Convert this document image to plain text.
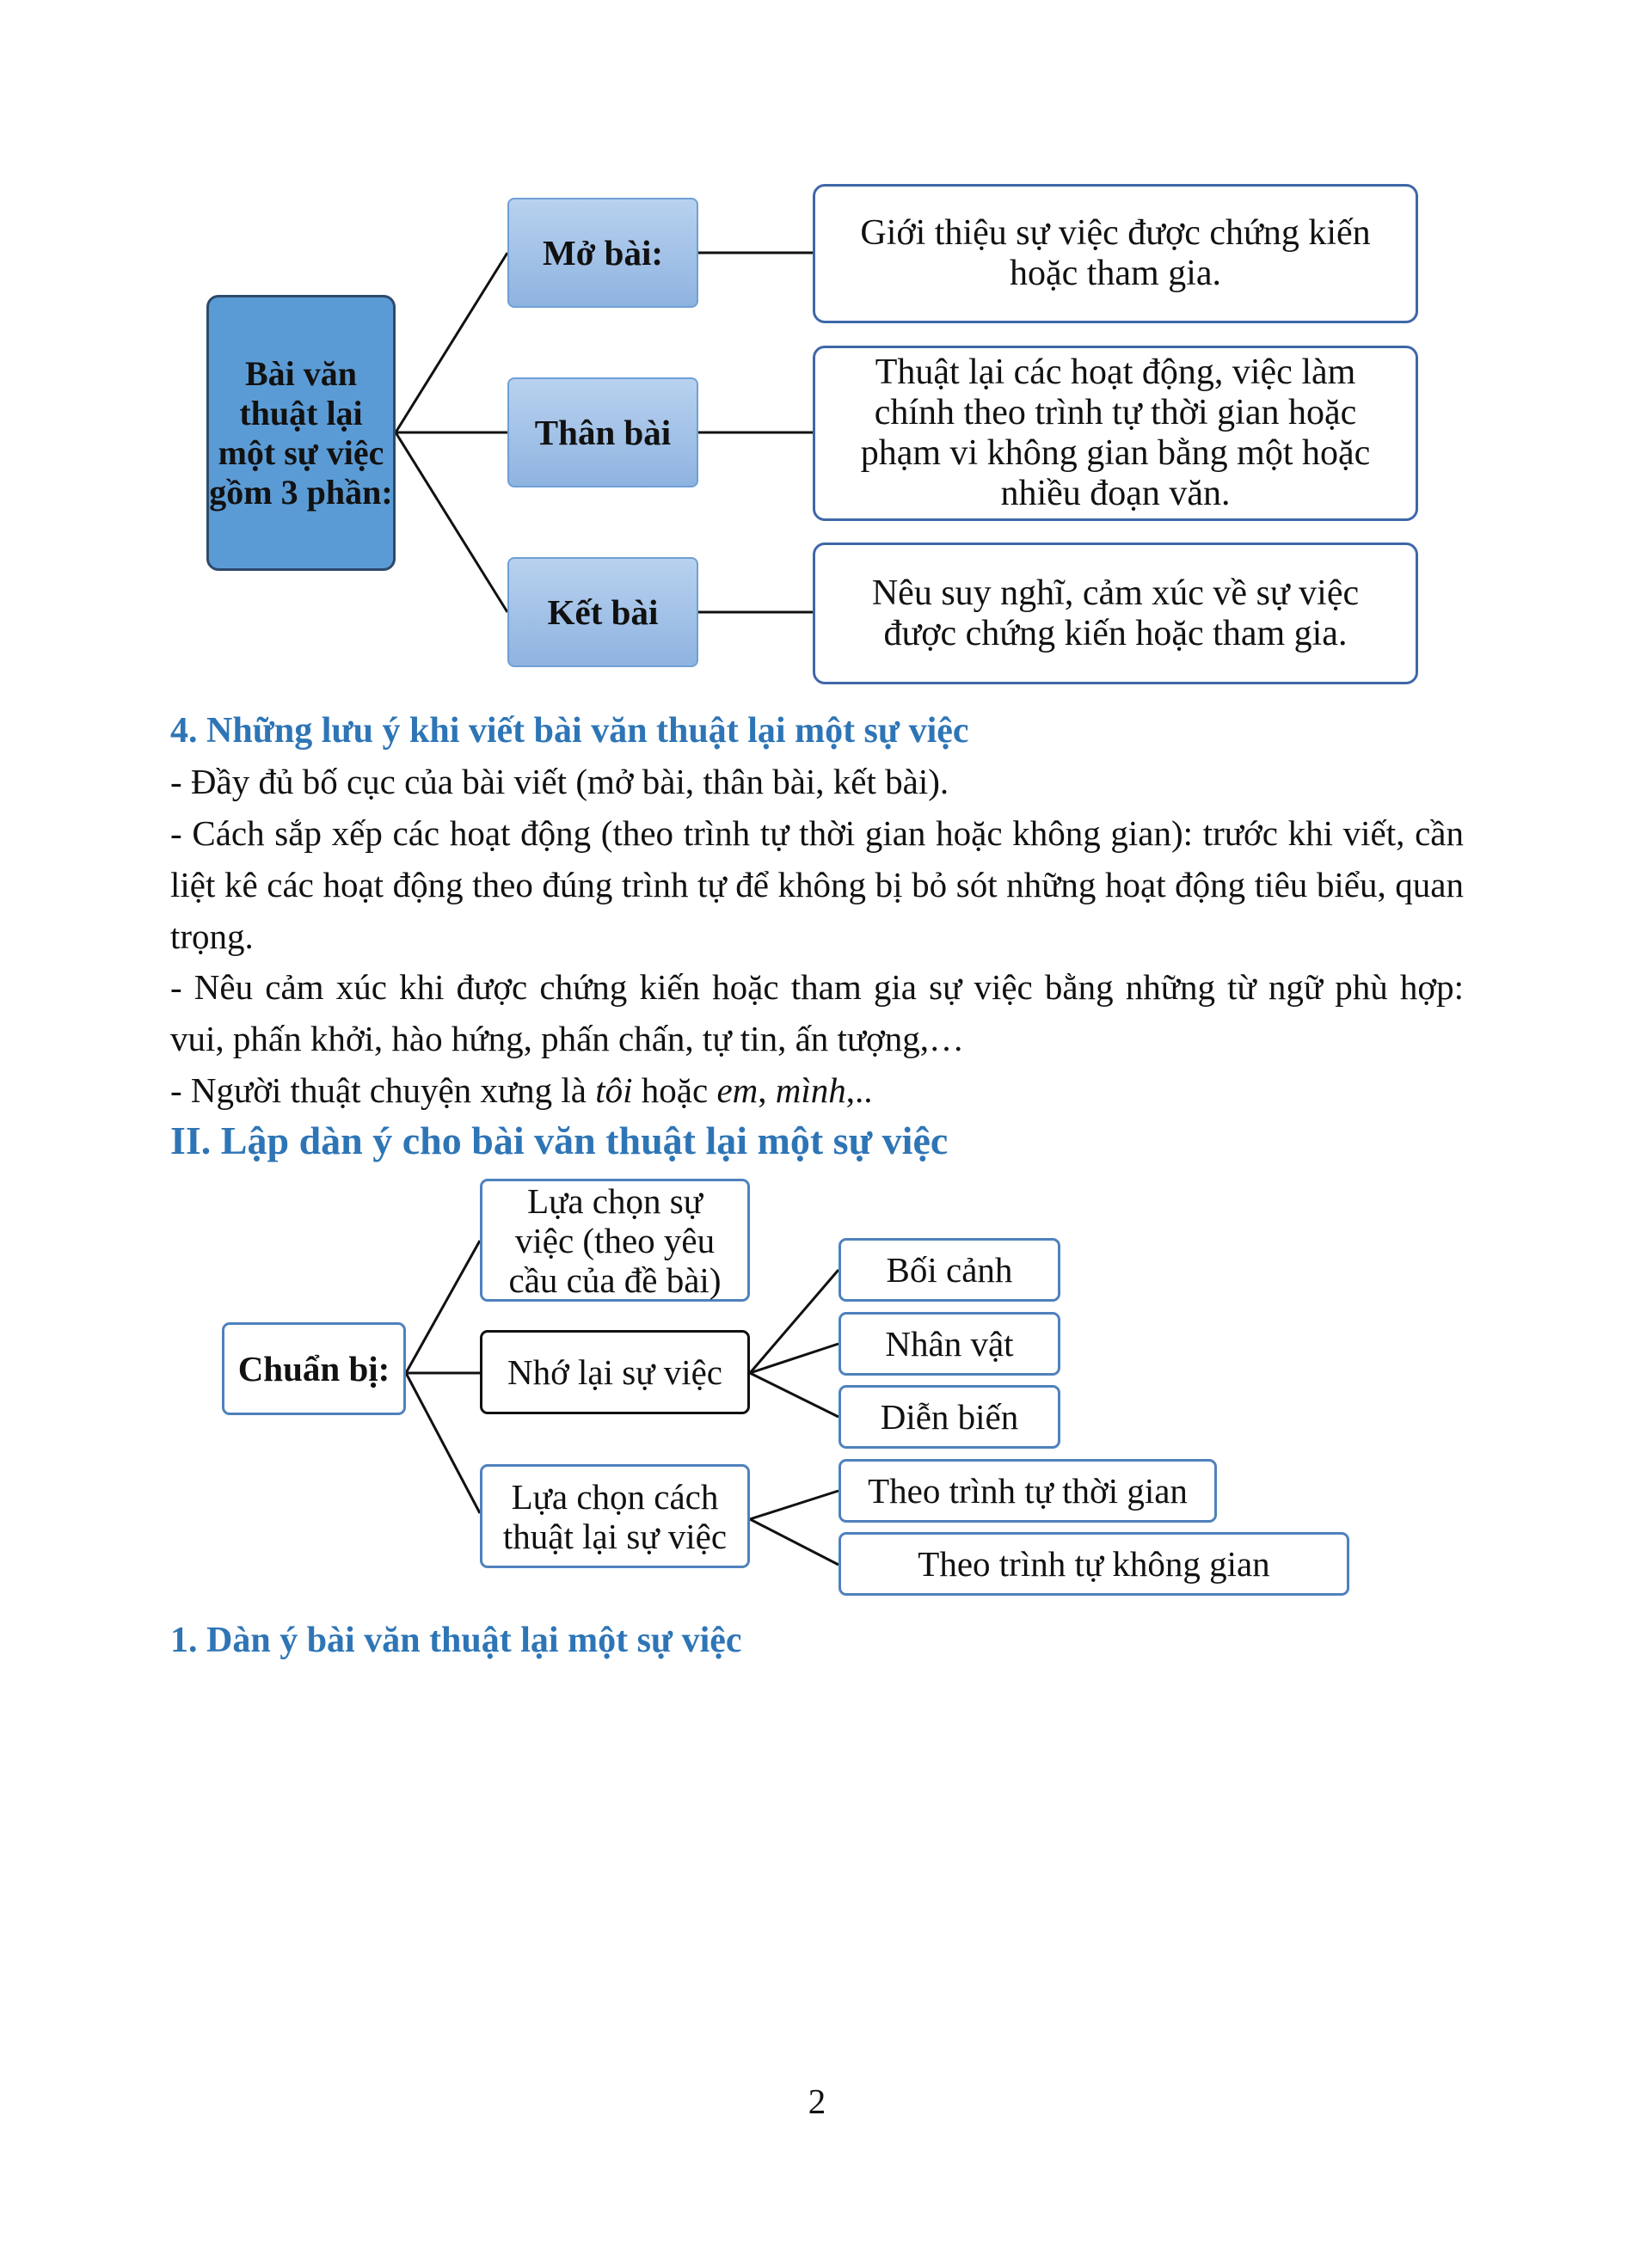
Bài văn thuật lại một sự việc gồm 3 phần:
Mở bài:
Thân bài
Kết bài
Giới thiệu sự việc được chứng kiến hoặc tham gia.
Thuật lại các hoạt động, việc làm chính theo trình tự thời gian hoặc phạm vi không gian bằng một hoặc nhiều đoạn văn.
Nêu suy nghĩ, cảm xúc về sự việc được chứng kiến hoặc tham gia.
4. Những lưu ý khi viết bài văn thuật lại một sự việc
- Đầy đủ bố cục của bài viết (mở bài, thân bài, kết bài).
- Cách sắp xếp các hoạt động (theo trình tự thời gian hoặc không gian): trước khi viết, cần liệt kê các hoạt động theo đúng trình tự để không bị bỏ sót những hoạt động tiêu biểu, quan trọng.
- Nêu cảm xúc khi được chứng kiến hoặc tham gia sự việc bằng những từ ngữ phù hợp: vui, phấn khởi, hào hứng, phấn chấn, tự tin, ấn tượng,…
- Người thuật chuyện xưng là tôi hoặc em, mình,..
II. Lập dàn ý cho bài văn thuật lại một sự việc
Chuẩn bị:
Lựa chọn sự việc (theo yêu cầu của đề bài)
Nhớ lại sự việc
Lựa chọn cách thuật lại sự việc
Bối cảnh
Nhân vật
Diễn biến
Theo trình tự thời gian
Theo trình tự không gian
1. Dàn ý bài văn thuật lại một sự việc
2
